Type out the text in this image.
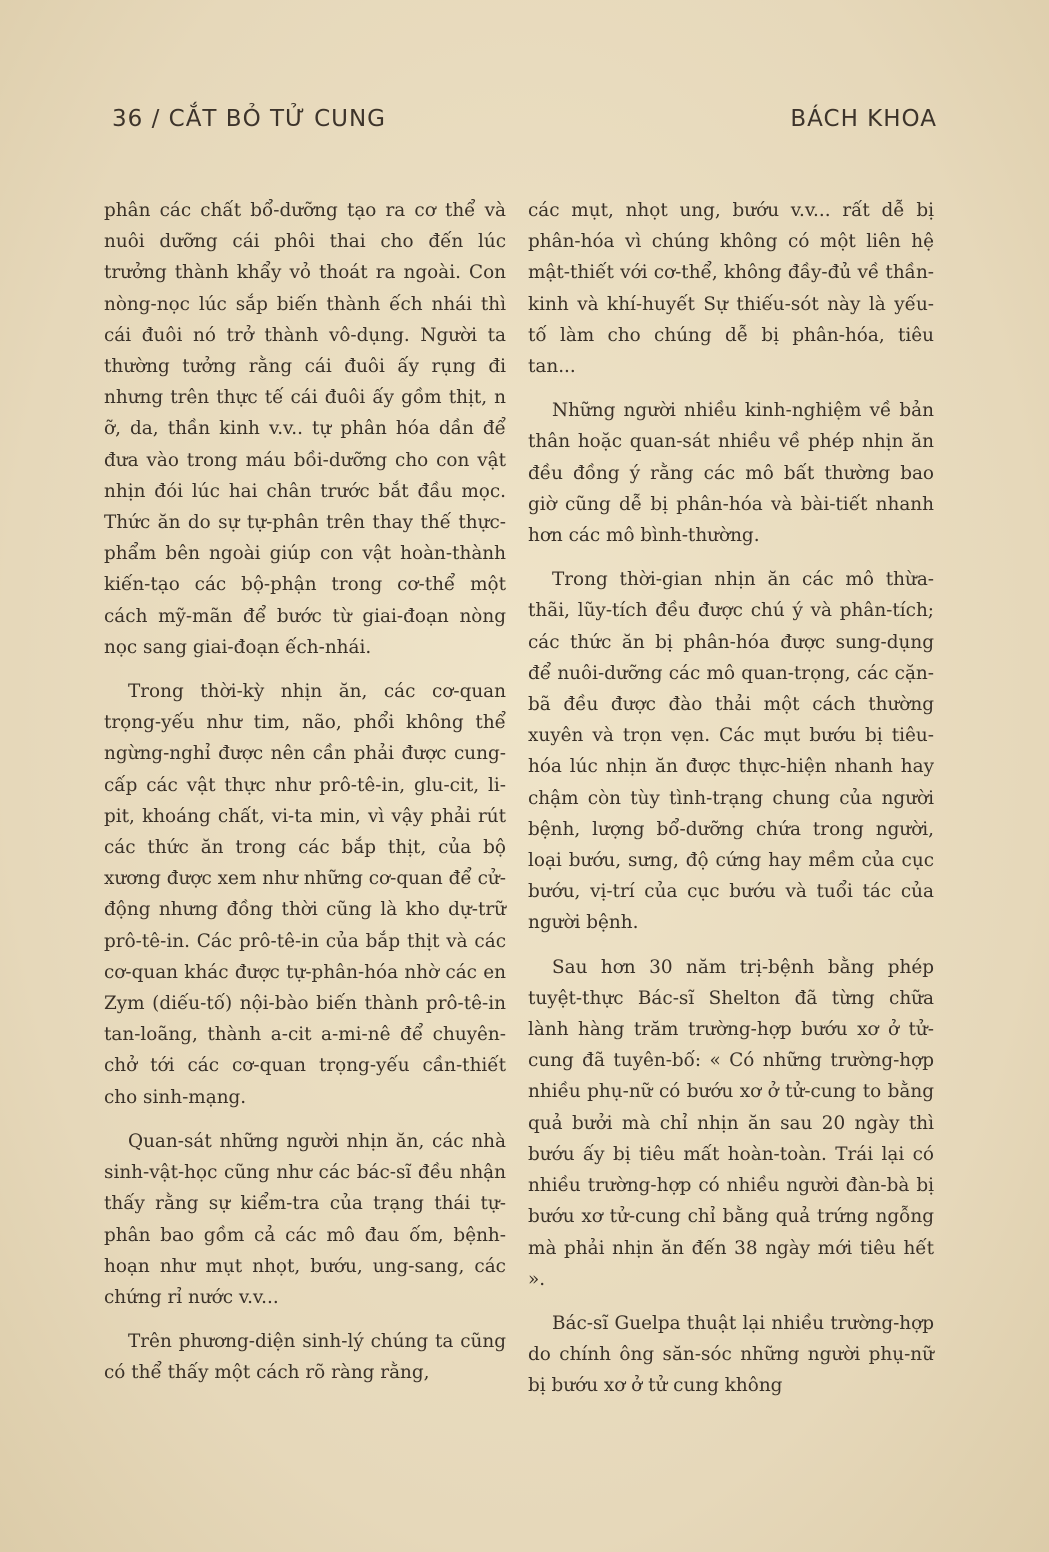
36 / CẮT BỎ TỬ CUNG	BÁCH KHOA

phân các chất bổ-dưỡng tạo ra cơ thể và nuôi dưỡng cái phôi thai cho đến lúc trưởng thành khẩy vỏ thoát ra ngoài. Con nòng-nọc lúc sắp biến thành ếch nhái thì cái đuôi nó trở thành vô-dụng. Người ta thường tưởng rằng cái đuôi ấy rụng đi nhưng trên thực tế cái đuôi ấy gồm thịt, n ỡ, da, thần kinh v.v.. tự phân hóa dần để đưa vào trong máu bồi-dưỡng cho con vật nhịn đói lúc hai chân trước bắt đầu mọc. Thức ăn do sự tự-phân trên thay thế thực-phẩm bên ngoài giúp con vật hoàn-thành kiến-tạo các bộ-phận trong cơ-thể một cách mỹ-mãn để bước từ giai-đoạn nòng nọc sang giai-đoạn ếch-nhái.

Trong thời-kỳ nhịn ăn, các cơ-quan trọng-yếu như tim, não, phổi không thể ngừng-nghỉ được nên cần phải được cung-cấp các vật thực như prô-tê-in, glu-cit, li-pit, khoáng chất, vi-ta min, vì vậy phải rút các thức ăn trong các bắp thịt, của bộ xương được xem như những cơ-quan để cử-động nhưng đồng thời cũng là kho dự-trữ prô-tê-in. Các prô-tê-in của bắp thịt và các cơ-quan khác được tự-phân-hóa nhờ các en Zym (diếu-tố) nội-bào biến thành prô-tê-in tan-loãng, thành a-cit a-mi-nê để chuyên-chở tới các cơ-quan trọng-yếu cần-thiết cho sinh-mạng.

Quan-sát những người nhịn ăn, các nhà sinh-vật-học cũng như các bác-sĩ đều nhận thấy rằng sự kiểm-tra của trạng thái tự-phân bao gồm cả các mô đau ốm, bệnh-hoạn như mụt nhọt, bướu, ung-sang, các chứng rỉ nước v.v...

Trên phương-diện sinh-lý chúng ta cũng có thể thấy một cách rõ ràng rằng,

các mụt, nhọt ung, bướu v.v... rất dễ bị phân-hóa vì chúng không có một liên hệ mật-thiết với cơ-thể, không đầy-đủ về thần-kinh và khí-huyết Sự thiếu-sót này là yếu-tố làm cho chúng dễ bị phân-hóa, tiêu tan...

Những người nhiều kinh-nghiệm về bản thân hoặc quan-sát nhiều về phép nhịn ăn đều đồng ý rằng các mô bất thường bao giờ cũng dễ bị phân-hóa và bài-tiết nhanh hơn các mô bình-thường.

Trong thời-gian nhịn ăn các mô thừa-thãi, lũy-tích đều được chú ý và phân-tích; các thức ăn bị phân-hóa được sung-dụng để nuôi-dưỡng các mô quan-trọng, các cặn-bã đều được đào thải một cách thường xuyên và trọn vẹn. Các mụt bướu bị tiêu-hóa lúc nhịn ăn được thực-hiện nhanh hay chậm còn tùy tình-trạng chung của người bệnh, lượng bổ-dưỡng chứa trong người, loại bướu, sưng, độ cứng hay mềm của cục bướu, vị-trí của cục bướu và tuổi tác của người bệnh.

Sau hơn 30 năm trị-bệnh bằng phép tuyệt-thực Bác-sĩ Shelton đã từng chữa lành hàng trăm trường-hợp bướu xơ ở tử-cung đã tuyên-bố: « Có những trường-hợp nhiều phụ-nữ có bướu xơ ở tử-cung to bằng quả bưởi mà chỉ nhịn ăn sau 20 ngày thì bướu ấy bị tiêu mất hoàn-toàn. Trái lại có nhiều trường-hợp có nhiều người đàn-bà bị bướu xơ tử-cung chỉ bằng quả trứng ngỗng mà phải nhịn ăn đến 38 ngày mới tiêu hết ».

Bác-sĩ Guelpa thuật lại nhiều trường-hợp do chính ông săn-sóc những người phụ-nữ bị bướu xơ ở tử cung không
